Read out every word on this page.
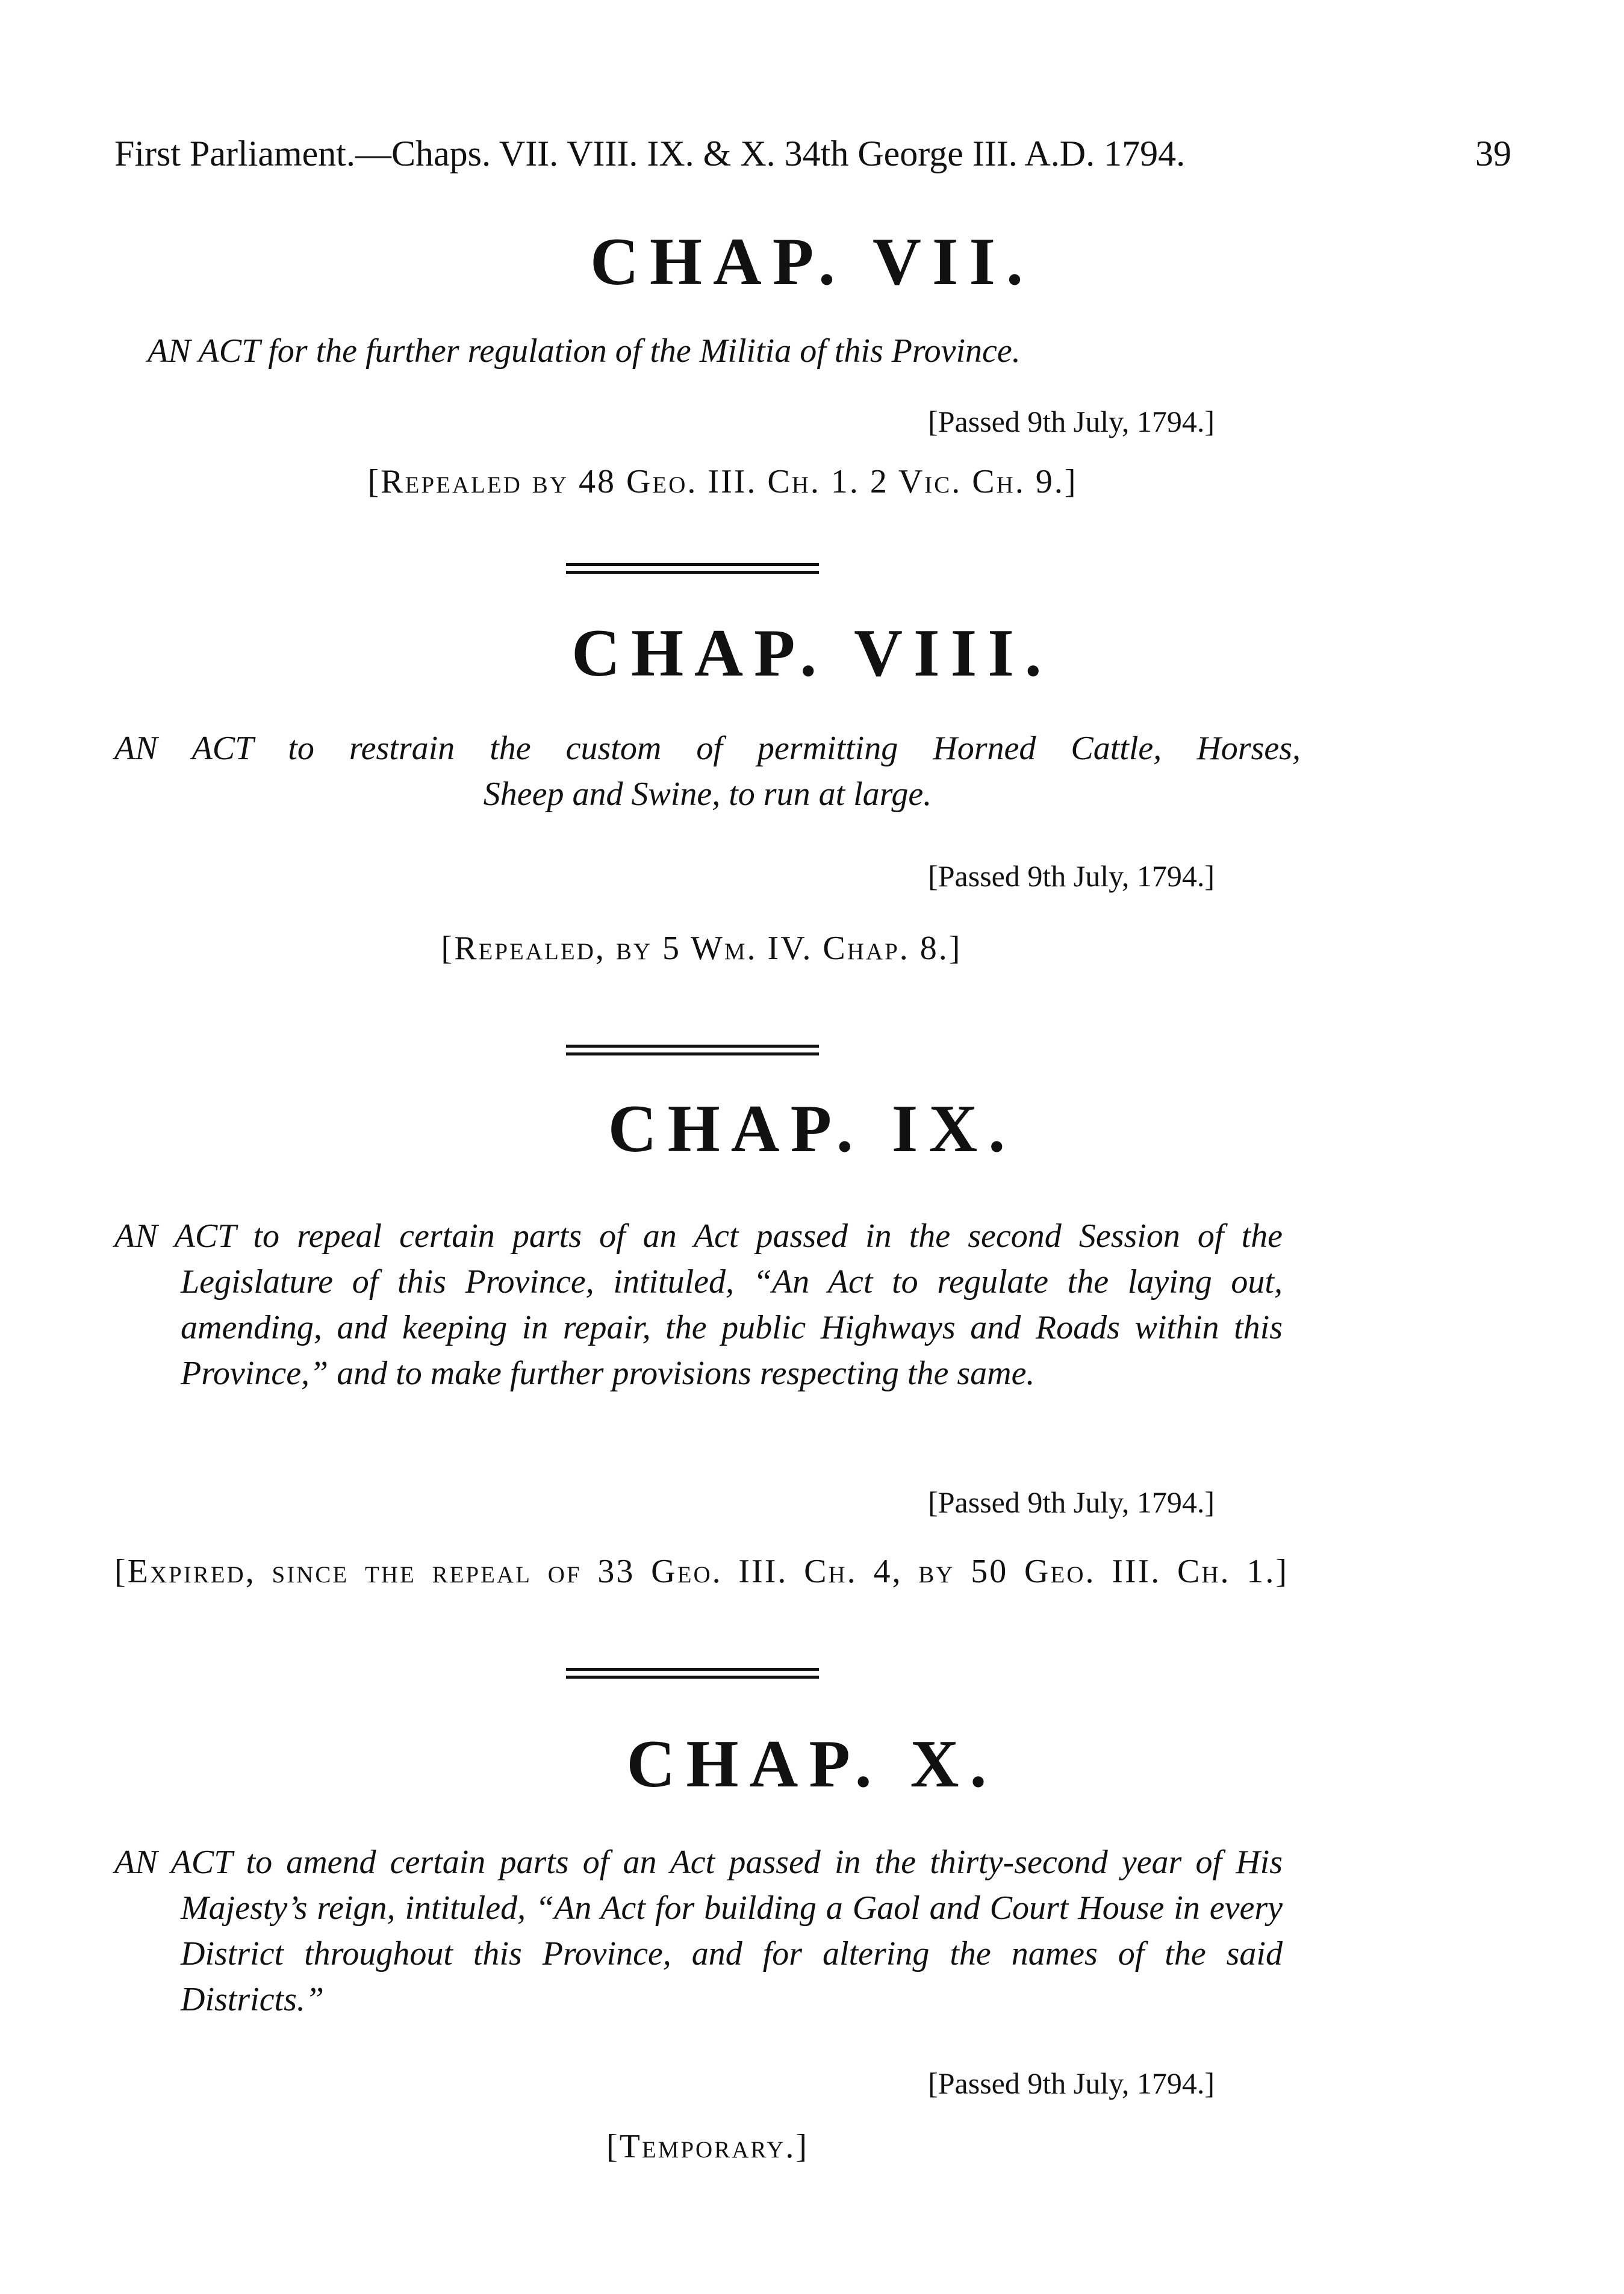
First Parliament.—Chaps. VII. VIII. IX. & X. 34th George III. A.D. 1794.	39
CHAP. VII.
AN ACT for the further regulation of the Militia of this Province.
[Passed 9th July, 1794.]
[Repealed by 48 Geo. III. Ch. 1. 2 Vic. Ch. 9.]
CHAP. VIII.

AN ACT to restrain the custom of permitting Horned Cattle, Horses,

Sheep and Swine, to run at large.

[Passed 9th July, 1794.]
[Repealed, by 5 Wm. IV. Chap. 8.]
CHAP. IX.

AN ACT to repeal certain parts of an Act passed in the second Session of the Legislature of this Province, intituled, “An Act to regulate the laying out, amending, and keeping in repair, the public Highways and Roads within this Province,” and to make further provisions respecting the same.

[Passed 9th July, 1794.]
[Expired, since the repeal of 33 Geo. III. Ch. 4, by 50 Geo. III. Ch. 1.]
CHAP. X.

AN ACT to amend certain parts of an Act passed in the thirty-second year of His Majesty’s reign, intituled, “An Act for building a Gaol and Court House in every District throughout this Province, and for altering the names of the said Districts.”

[Passed 9th July, 1794.]
[Temporary.]
